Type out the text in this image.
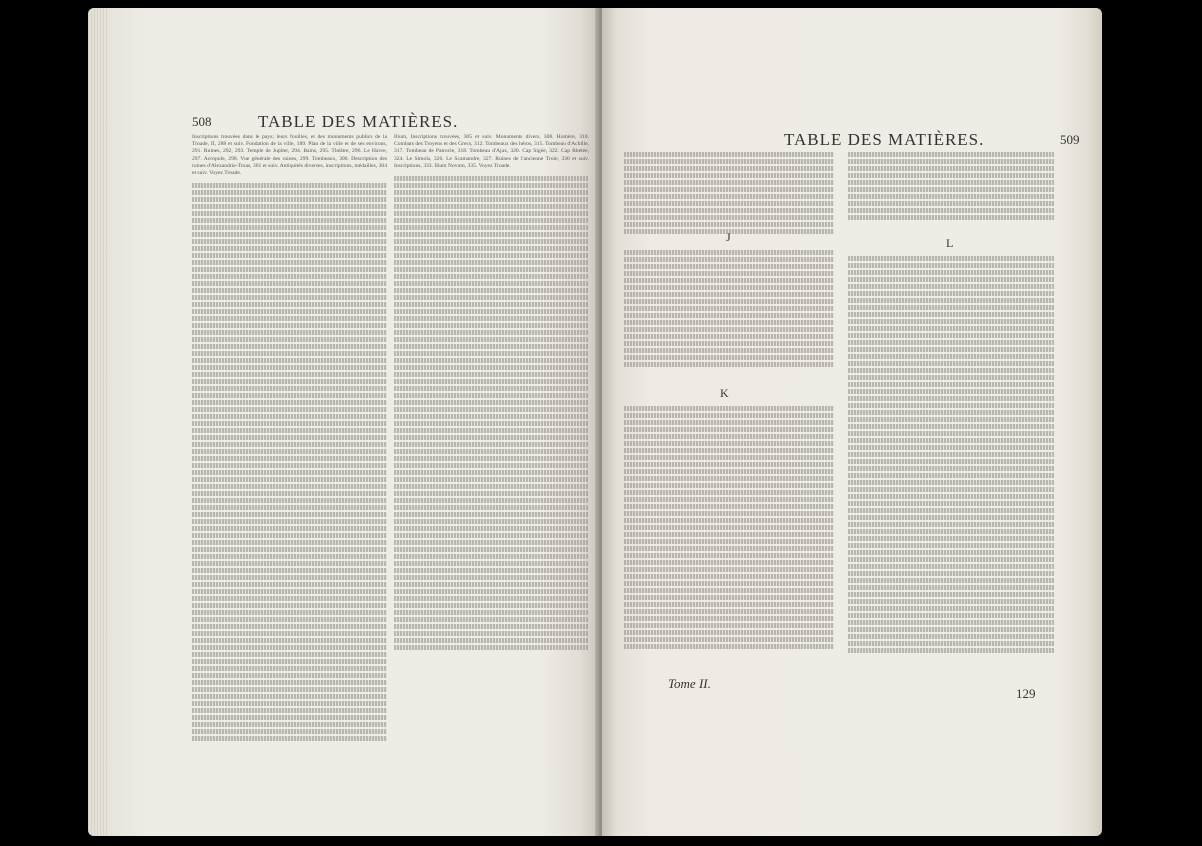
508	TABLE DES MATIÈRES.

Inscriptions trouvées dans le pays; leurs fouilles, et des monuments publics de la Troade, II, 288 et suiv. Fondation de la ville, 189. Plan de la ville et de ses environs, 291. Ruines, 292, 293. Temple de Jupiter, 294. Bains, 295. Théâtre, 296. Le Havre, 297. Acropole, 298. Vue générale des ruines, 299. Tombeaux, 300. Description des ruines d'Alexandrie-Troas, 301 et suiv. Antiquités diverses, inscriptions, médailles, 304 et suiv. Voyez Troade.

Ilium, Inscriptions trouvées, 305 et suiv. Monuments divers, 308. Homère, 310. Combats des Troyens et des Grecs, 312. Tombeaux des héros, 315. Tombeau d'Achille, 317. Tombeau de Patrocle, 318. Tombeau d'Ajax, 320. Cap Sigée, 322. Cap Rhétée, 324. Le Simoïs, 326. Le Scamandre, 327. Ruines de l'ancienne Troie, 330 et suiv. Inscriptions, 333. Ilium Novum, 335. Voyez Troade.

TABLE DES MATIÈRES.	509
J
K
Tome II.
L
129
